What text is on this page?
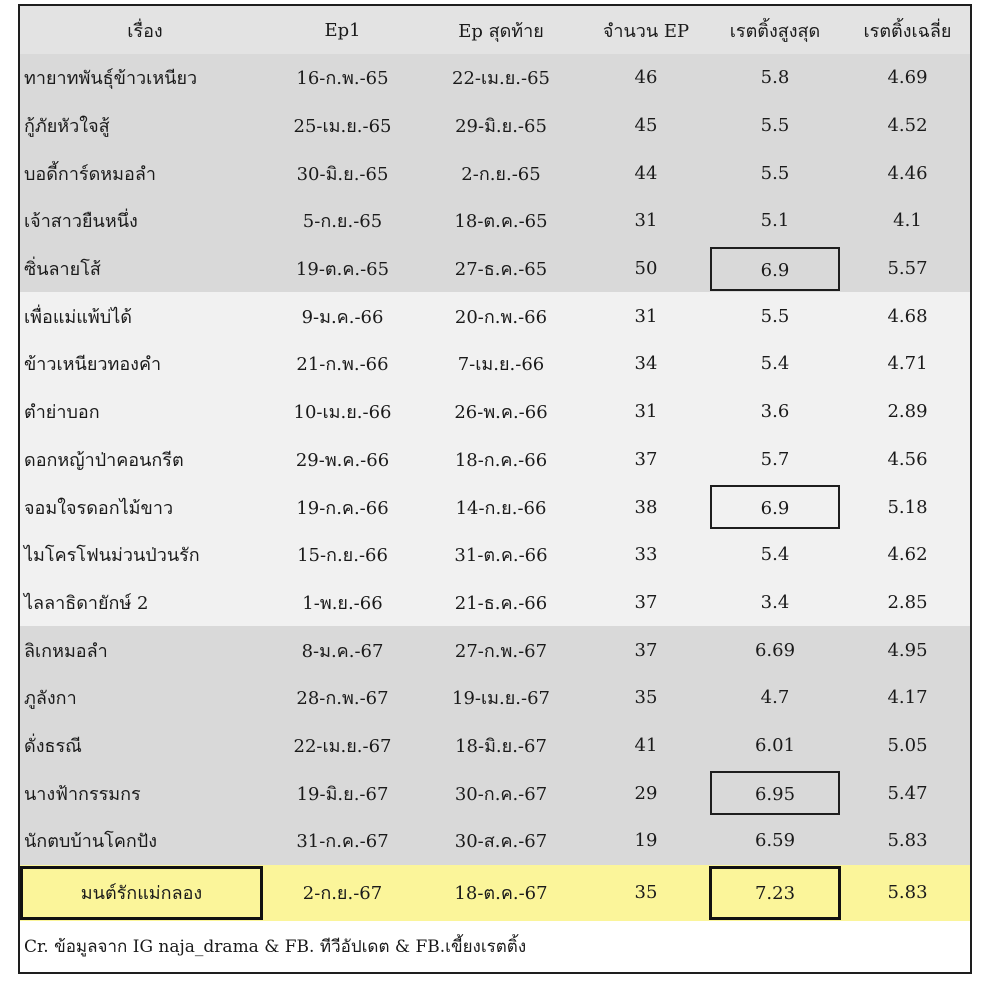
เรื่อง	Ep1	Ep สุดท้าย	จำนวน EP	เรตติ้งสูงสุด	เรตติ้งเฉลี่ย
ทายาทพันธุ์ข้าวเหนียว	16-ก.พ.-65	22-เม.ย.-65	46	5.8	4.69
กู้ภัยหัวใจสู้	25-เม.ย.-65	29-มิ.ย.-65	45	5.5	4.52
บอดี้การ์ดหมอลำ	30-มิ.ย.-65	2-ก.ย.-65	44	5.5	4.46
เจ้าสาวยืนหนึ่ง	5-ก.ย.-65	18-ต.ค.-65	31	5.1	4.1
ซิ่นลายโส้	19-ต.ค.-65	27-ธ.ค.-65	50	6.9	5.57
เพื่อแม่แพ้บ่ได้	9-ม.ค.-66	20-ก.พ.-66	31	5.5	4.68
ข้าวเหนียวทองคำ	21-ก.พ.-66	7-เม.ย.-66	34	5.4	4.71
ตำย่าบอก	10-เม.ย.-66	26-พ.ค.-66	31	3.6	2.89
ดอกหญ้าป่าคอนกรีต	29-พ.ค.-66	18-ก.ค.-66	37	5.7	4.56
จอมใจรดอกไม้ขาว	19-ก.ค.-66	14-ก.ย.-66	38	6.9	5.18
ไมโครโฟนม่วนป่วนรัก	15-ก.ย.-66	31-ต.ค.-66	33	5.4	4.62
ไลลาธิดายักษ์ 2	1-พ.ย.-66	21-ธ.ค.-66	37	3.4	2.85
ลิเกหมอลำ	8-ม.ค.-67	27-ก.พ.-67	37	6.69	4.95
ภูลังกา	28-ก.พ.-67	19-เม.ย.-67	35	4.7	4.17
ดั่งธรณี	22-เม.ย.-67	18-มิ.ย.-67	41	6.01	5.05
นางฟ้ากรรมกร	19-มิ.ย.-67	30-ก.ค.-67	29	6.95	5.47
นักตบบ้านโคกปัง	31-ก.ค.-67	30-ส.ค.-67	19	6.59	5.83

มนต์รักแม่กลอง	2-ก.ย.-67	18-ต.ค.-67	35	7.23	5.83
Cr. ข้อมูลจาก IG naja_drama & FB. ทีวีอัปเดต & FB.เขี้ยงเรตติ้ง
